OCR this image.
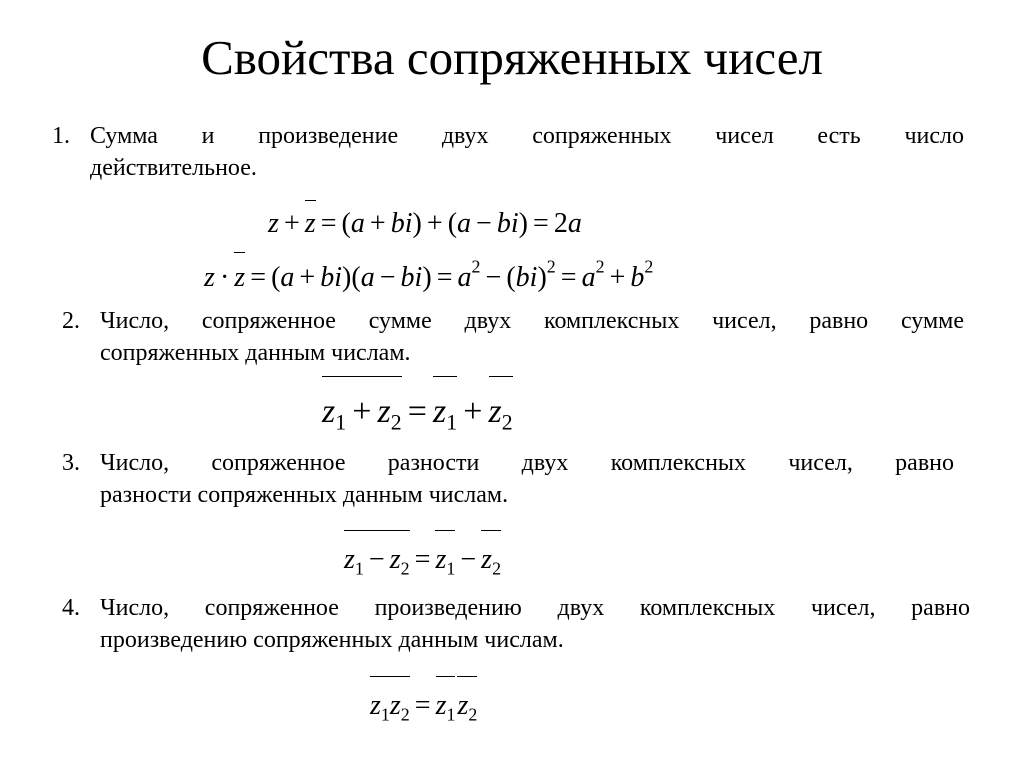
Свойства сопряженных чисел
1. Сумма и произведение двух сопряженных чисел есть число
действительное.
z + z = (a + bi) + (a − bi) = 2a
$z \cdot z = (a + bi)(a - bi) = a^2 - (bi)^2 = a^2 + b^2$
2. Число, сопряженное сумме двух комплексных чисел, равно сумме
сопряженных данным числам.
$z_1 + z_2 = z_1 + z_2$
3. Число, сопряженное разности двух комплексных чисел, равно
разности сопряженных данным числам.
$z_1 - z_2 = z_1 - z_2$
4. Число, сопряженное произведению двух комплексных чисел, равно
произведению сопряженных данным числам.
$z_1z_2 = z_1z_2$
